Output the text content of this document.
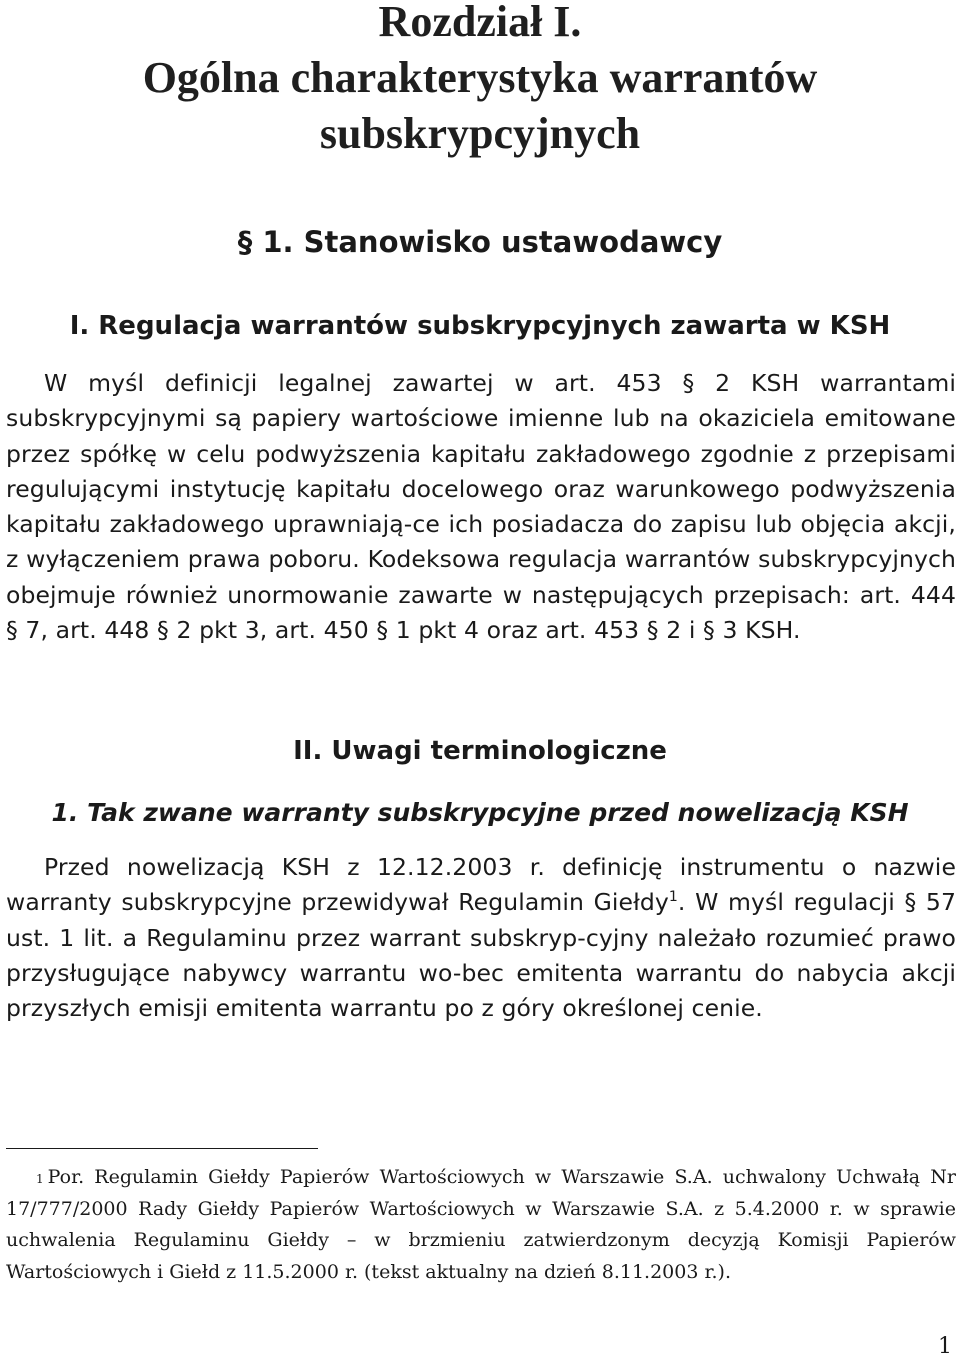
Rozdział I.
Ogólna charakterystyka warrantów
subskrypcyjnych
§ 1. Stanowisko ustawodawcy
I. Regulacja warrantów subskrypcyjnych zawarta w KSH

W myśl definicji legalnej zawartej w art. 453 § 2 KSH warrantami subskrypcyjnymi są papiery wartościowe imienne lub na okaziciela emitowane przez spółkę w celu podwyższenia kapitału zakładowego zgodnie z przepisami regulującymi instytucję kapitału docelowego oraz warunkowego podwyższenia kapitału zakładowego uprawniają-ce ich posiadacza do zapisu lub objęcia akcji, z wyłączeniem prawa poboru. Kodeksowa regulacja warrantów subskrypcyjnych obejmuje również unormowanie zawarte w następujących przepisach: art. 444 § 7, art. 448 § 2 pkt 3, art. 450 § 1 pkt 4 oraz art. 453 § 2 i § 3 KSH.

II. Uwagi terminologiczne
1. Tak zwane warranty subskrypcyjne przed nowelizacją KSH

Przed nowelizacją KSH z 12.12.2003 r. definicję instrumentu o nazwie warranty subskrypcyjne przewidywał Regulamin Giełdy$^1$. W myśl regulacji § 57 ust. 1 lit. a Regulaminu przez warrant subskryp-cyjny należało rozumieć prawo przysługujące nabywcy warrantu wo-bec emitenta warrantu do nabycia akcji przyszłych emisji emitenta warrantu po z góry określonej cenie.

$^1$ Por. Regulamin Giełdy Papierów Wartościowych w Warszawie S.A. uchwalony Uchwałą Nr 17/777/2000 Rady Giełdy Papierów Wartościowych w Warszawie S.A. z 5.4.2000 r. w sprawie uchwalenia Regulaminu Giełdy – w brzmieniu zatwierdzonym decyzją Komisji Papierów Wartościowych i Giełd z 11.5.2000 r. (tekst aktualny na dzień 8.11.2003 r.).

1
